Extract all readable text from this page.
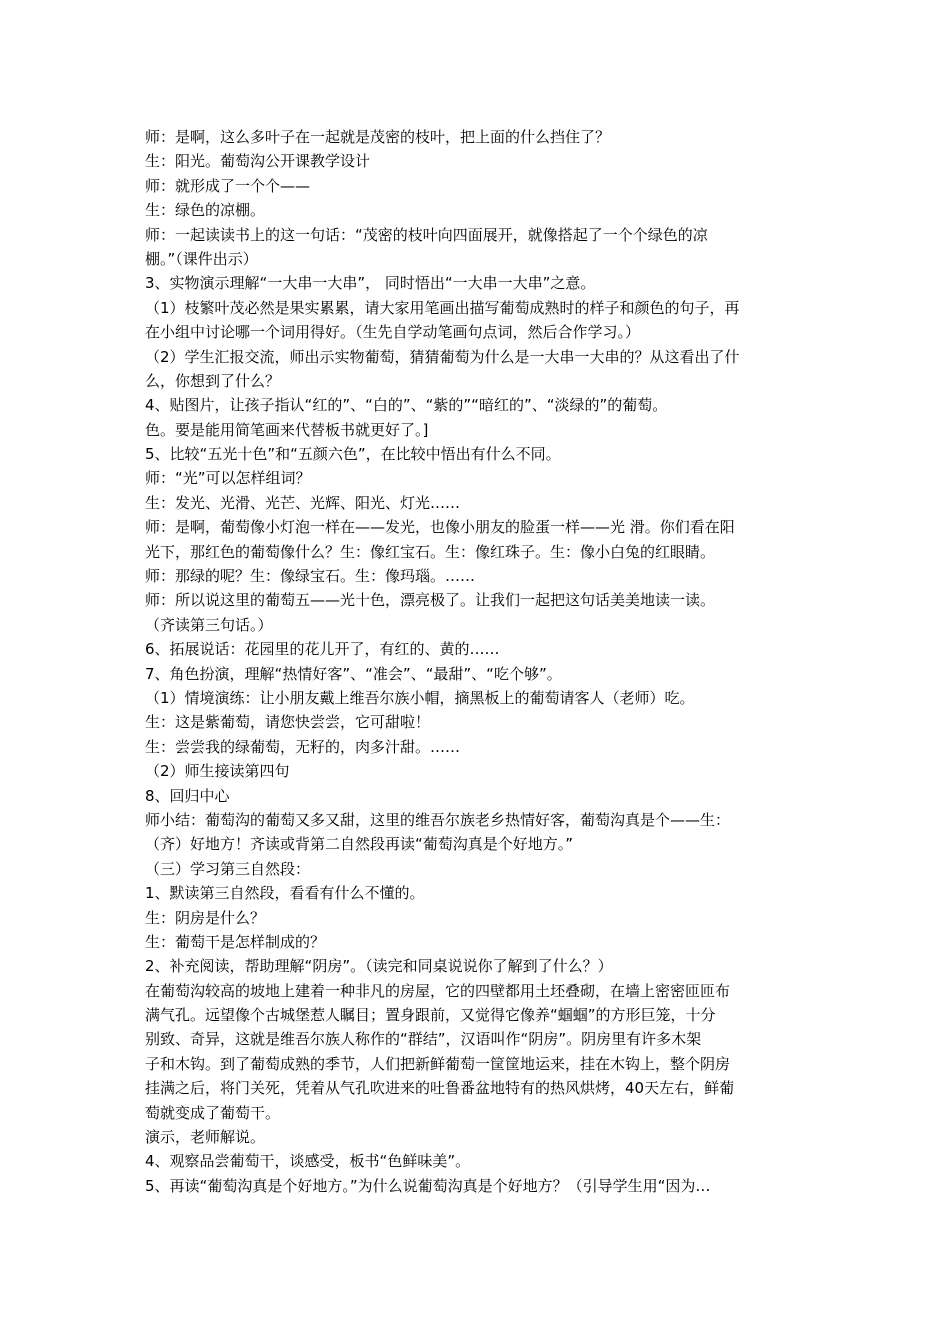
师：是啊，这么多叶子在一起就是茂密的枝叶，把上面的什么挡住了？
生：阳光。葡萄沟公开课教学设计
师：就形成了一个个——
生：绿色的凉棚。
师：一起读读书上的这一句话：“茂密的枝叶向四面展开，就像搭起了一个个绿色的凉
棚。”（课件出示）
3、实物演示理解“一大串一大串”， 同时悟出“一大串一大串”之意。
（1）枝繁叶茂必然是果实累累，请大家用笔画出描写葡萄成熟时的样子和颜色的句子，再
在小组中讨论哪一个词用得好。（生先自学动笔画句点词，然后合作学习。）
（2）学生汇报交流，师出示实物葡萄，猜猜葡萄为什么是一大串一大串的？从这看出了什
么，你想到了什么？
4、贴图片，让孩子指认“红的”、“白的”、“紫的”“暗红的”、“淡绿的”的葡萄。
色。要是能用简笔画来代替板书就更好了。]
5、比较“五光十色”和“五颜六色”，在比较中悟出有什么不同。
师：“光”可以怎样组词？
生：发光、光滑、光芒、光辉、阳光、灯光……
师：是啊，葡萄像小灯泡一样在——发光，也像小朋友的脸蛋一样——光 滑。你们看在阳
光下，那红色的葡萄像什么？生：像红宝石。生：像红珠子。生：像小白兔的红眼睛。
师：那绿的呢？生：像绿宝石。生：像玛瑙。……
师：所以说这里的葡萄五——光十色，漂亮极了。让我们一起把这句话美美地读一读。
（齐读第三句话。）
6、拓展说话：花园里的花儿开了，有红的、黄的……
7、角色扮演，理解“热情好客”、“准会”、“最甜”、“吃个够”。
（1）情境演练：让小朋友戴上维吾尔族小帽，摘黑板上的葡萄请客人（老师）吃。
生：这是紫葡萄，请您快尝尝，它可甜啦！
生：尝尝我的绿葡萄，无籽的，肉多汁甜。……
（2）师生接读第四句
8、回归中心
师小结：葡萄沟的葡萄又多又甜，这里的维吾尔族老乡热情好客，葡萄沟真是个——生：
（齐）好地方！齐读或背第二自然段再读“葡萄沟真是个好地方。”
（三）学习第三自然段：
1、默读第三自然段，看看有什么不懂的。
生：阴房是什么？
生：葡萄干是怎样制成的？
2、补充阅读，帮助理解“阴房”。（读完和同桌说说你了解到了什么？）
在葡萄沟较高的坡地上建着一种非凡的房屋，它的四壁都用土坯叠砌，在墙上密密匝匝布
满气孔。远望像个古城堡惹人瞩目；置身跟前，又觉得它像养“蝈蝈”的方形巨笼，十分
别致、奇异，这就是维吾尔族人称作的“群结”，汉语叫作“阴房”。阴房里有许多木架
子和木钩。到了葡萄成熟的季节，人们把新鲜葡萄一筐筐地运来，挂在木钩上，整个阴房
挂满之后，将门关死，凭着从气孔吹进来的吐鲁番盆地特有的热风烘烤，40天左右，鲜葡
萄就变成了葡萄干。
演示，老师解说。
4、观察品尝葡萄干，谈感受，板书“色鲜味美”。
5、再读“葡萄沟真是个好地方。”为什么说葡萄沟真是个好地方？（引导学生用“因为…
